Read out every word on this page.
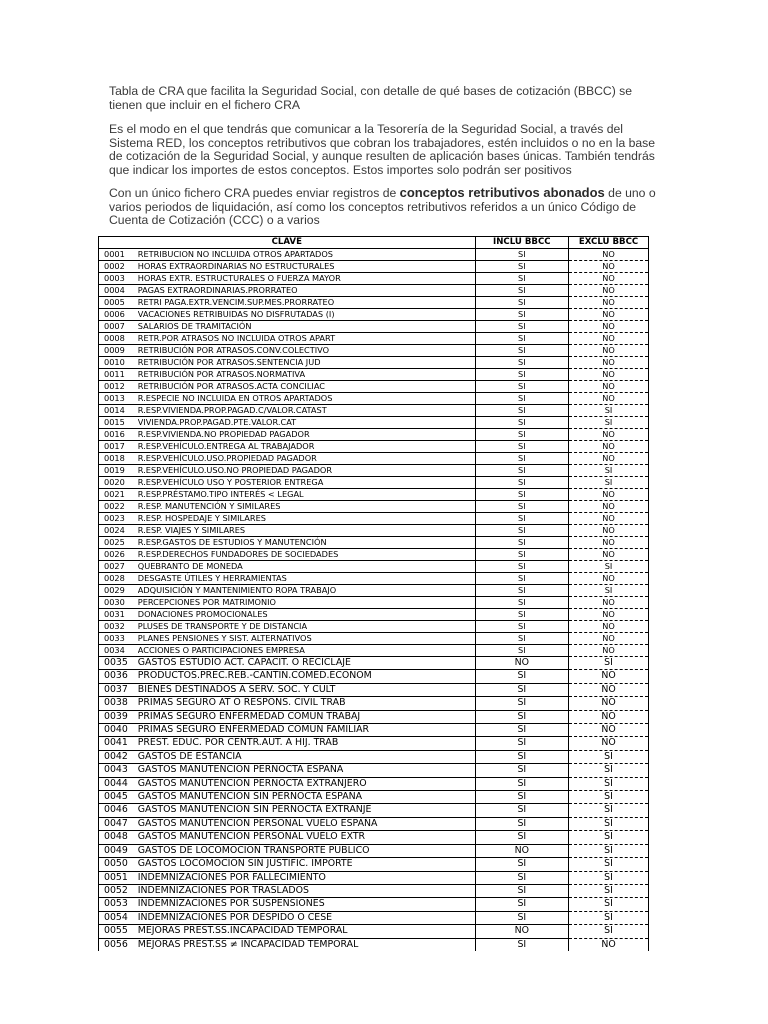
Tabla de CRA que facilita la Seguridad Social, con detalle de qué bases de cotización (BBCC) se tienen que incluir en el fichero CRA

Es el modo en el que tendrás que comunicar a la Tesorería de la Seguridad Social, a través del Sistema RED, los conceptos retributivos que cobran los trabajadores, estén incluidos o no en la base de cotización de la Seguridad Social, y aunque resulten de aplicación bases únicas. También tendrás que indicar los importes de estos conceptos. Estos importes solo podrán ser positivos

Con un único fichero CRA puedes enviar registros de conceptos retributivos abonados de uno o varios periodos de liquidación, así como los conceptos retributivos referidos a un único Código de Cuenta de Cotización (CCC) o a varios

CLAVE		INCLU BBCC	EXCLU BBCC
0001	RETRIBUCION NO INCLUIDA OTROS APARTADOS	SI	NO
0002	HORAS EXTRAORDINARIAS NO ESTRUCTURALES	SI	NO
0003	HORAS EXTR. ESTRUCTURALES O FUERZA MAYOR	SI	NO
0004	PAGAS EXTRAORDINARIAS.PRORRATEO	SI	NO
0005	RETRI PAGA.EXTR.VENCIM.SUP.MES.PRORRATEO	SI	NO
0006	VACACIONES RETRIBUIDAS NO DISFRUTADAS (I)	SI	NO
0007	SALARIOS DE TRAMITACIÓN	SI	NO
0008	RETR.POR ATRASOS NO INCLUIDA OTROS APART	SI	NO
0009	RETRIBUCIÓN POR ATRASOS.CONV.COLECTIVO	SI	NO
0010	RETRIBUCIÓN POR ATRASOS.SENTENCIA JUD	SI	NO
0011	RETRIBUCIÓN POR ATRASOS.NORMATIVA	SI	NO
0012	RETRIBUCIÓN POR ATRASOS.ACTA CONCILIAC	SI	NO
0013	R.ESPECIE NO INCLUIDA EN OTROS APARTADOS	SI	NO
0014	R.ESP.VIVIENDA.PROP.PAGAD.C/VALOR.CATAST	SI	SI
0015	VIVIENDA.PROP.PAGAD.PTE.VALOR.CAT	SI	SI
0016	R.ESP.VIVIENDA.NO PROPIEDAD PAGADOR	SI	NO
0017	R.ESP.VEHÍCULO.ENTREGA AL TRABAJADOR	SI	NO
0018	R.ESP.VEHÍCULO.USO.PROPIEDAD PAGADOR	SI	NO
0019	R.ESP.VEHÍCULO.USO.NO PROPIEDAD PAGADOR	SI	SI
0020	R.ESP.VEHÍCULO USO Y POSTERIOR ENTREGA	SI	SI
0021	R.ESP.PRÉSTAMO.TIPO INTERÉS < LEGAL	SI	NO
0022	R.ESP. MANUTENCIÓN Y SIMILARES	SI	NO
0023	R.ESP. HOSPEDAJE Y SIMILARES	SI	NO
0024	R.ESP. VIAJES Y SIMILARES	SI	NO
0025	R.ESP.GASTOS DE ESTUDIOS Y MANUTENCIÓN	SI	NO
0026	R.ESP.DERECHOS FUNDADORES DE SOCIEDADES	SI	NO
0027	QUEBRANTO DE MONEDA	SI	SI
0028	DESGASTE ÚTILES Y HERRAMIENTAS	SI	NO
0029	ADQUISICIÓN Y MANTENIMIENTO ROPA TRABAJO	SI	SI
0030	PERCEPCIONES POR MATRIMONIO	SI	NO
0031	DONACIONES PROMOCIONALES	SI	NO
0032	PLUSES DE TRANSPORTE Y DE DISTANCIA	SI	NO
0033	PLANES PENSIONES Y SIST. ALTERNATIVOS	SI	NO
0034	ACCIONES O PARTICIPACIONES EMPRESA	SI	NO
0035	GASTOS ESTUDIO ACT. CAPACIT. O RECICLAJE	NO	SI
0036	PRODUCTOS.PREC.REB.-CANTIN.COMED.ECONOM	SI	NO
0037	BIENES DESTINADOS A SERV. SOC. Y CULT	SI	NO
0038	PRIMAS SEGURO AT O RESPONS. CIVIL TRAB	SI	NO
0039	PRIMAS SEGURO ENFERMEDAD COMÚN TRABAJ	SI	NO
0040	PRIMAS SEGURO ENFERMEDAD COMÚN FAMILIAR	SI	NO
0041	PREST. EDUC. POR CENTR.AUT. A HIJ. TRAB	SI	NO
0042	GASTOS DE ESTANCIA	SI	SI
0043	GASTOS MANUTENCIÓN PERNOCTA ESPAÑA	SI	SI
0044	GASTOS MANUTENCIÓN PERNOCTA EXTRANJERO	SI	SI
0045	GASTOS MANUTENCIÓN SIN PERNOCTA ESPAÑA	SI	SI
0046	GASTOS MANUTENCIÓN SIN PERNOCTA EXTRANJE	SI	SI
0047	GASTOS MANUTENCIÓN PERSONAL VUELO ESPAÑA	SI	SI
0048	GASTOS MANUTENCIÓN PERSONAL VUELO EXTR	SI	SI
0049	GASTOS DE LOCOMOCIÓN TRANSPORTE PÚBLICO	NO	SI
0050	GASTOS LOCOMOCIÓN SIN JUSTIFIC. IMPORTE	SI	SI
0051	INDEMNIZACIONES POR FALLECIMIENTO	SI	SI
0052	INDEMNIZACIONES POR TRASLADOS	SI	SI
0053	INDEMNIZACIONES POR SUSPENSIONES	SI	SI
0054	INDEMNIZACIONES POR DESPIDO O CESE	SI	SI
0055	MEJORAS PREST.SS.INCAPACIDAD TEMPORAL	NO	SI
0056	MEJORAS PREST.SS ≠ INCAPACIDAD TEMPORAL	SI	NO
